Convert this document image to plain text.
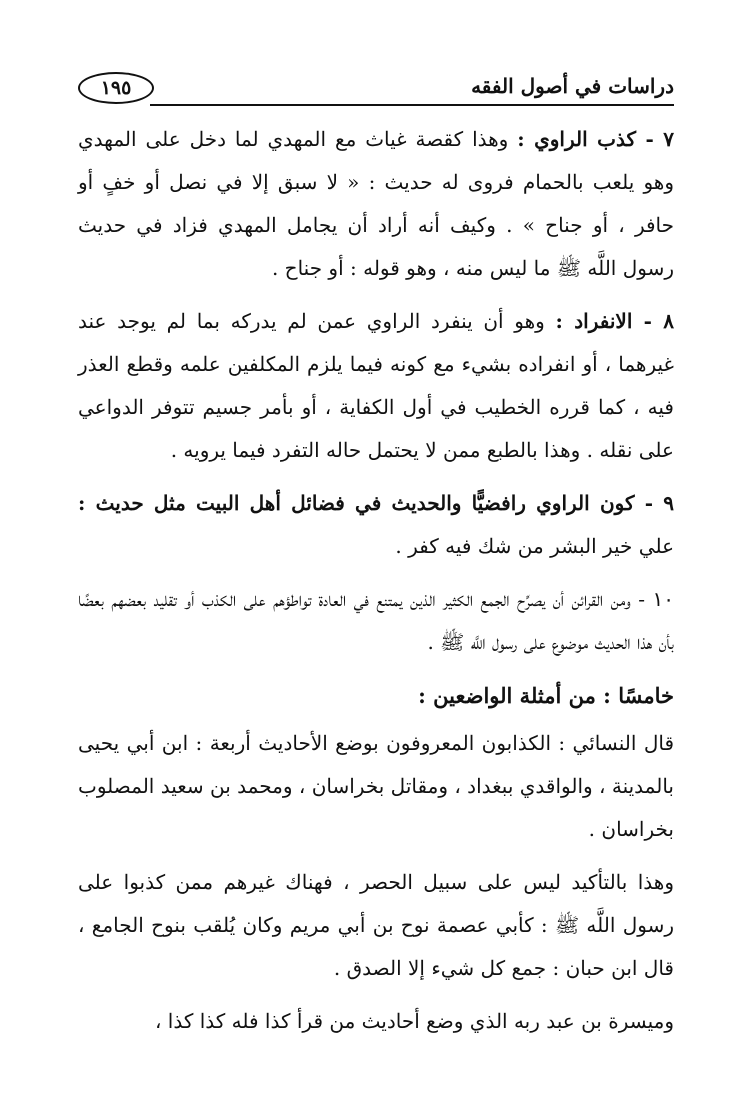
١٩٥	دراسات في أصول الفقه

٧ - كذب الراوي : وهذا كقصة غياث مع المهدي لما دخل على المهدي وهو يلعب بالحمام فروى له حديث : « لا سبق إلا في نصل أو خفٍ أو حافر ، أو جناح » . وكيف أنه أراد أن يجامل المهدي فزاد في حديث رسول اللَّه ﷺ ما ليس منه ، وهو قوله : أو جناح .

٨ - الانفراد : وهو أن ينفرد الراوي عمن لم يدركه بما لم يوجد عند غيرهما ، أو انفراده بشيء مع كونه فيما يلزم المكلفين علمه وقطع العذر فيه ، كما قرره الخطيب في أول الكفاية ، أو بأمر جسيم تتوفر الدواعي على نقله . وهذا بالطبع ممن لا يحتمل حاله التفرد فيما يرويه .

٩ - كون الراوي رافضيًّا والحديث في فضائل أهل البيت مثل حديث : علي خير البشر من شك فيه كفر .

١٠ - ومن القرائن أن يصرِّح الجمع الكثير الذين يمتنع في العادة تواطؤهم على الكذب أو تقليد بعضهم بعضًا بأن هذا الحديث موضوع على رسول اللَّه ﷺ .

خامسًا : من أمثلة الواضعين :

قال النسائي : الكذابون المعروفون بوضع الأحاديث أربعة : ابن أبي يحيى بالمدينة ، والواقدي ببغداد ، ومقاتل بخراسان ، ومحمد بن سعيد المصلوب بخراسان .

وهذا بالتأكيد ليس على سبيل الحصر ، فهناك غيرهم ممن كذبوا على رسول اللَّه ﷺ : كأبي عصمة نوح بن أبي مريم وكان يُلقب بنوح الجامع ، قال ابن حبان : جمع كل شيء إلا الصدق .

وميسرة بن عبد ربه الذي وضع أحاديث من قرأ كذا فله كذا كذا ،
